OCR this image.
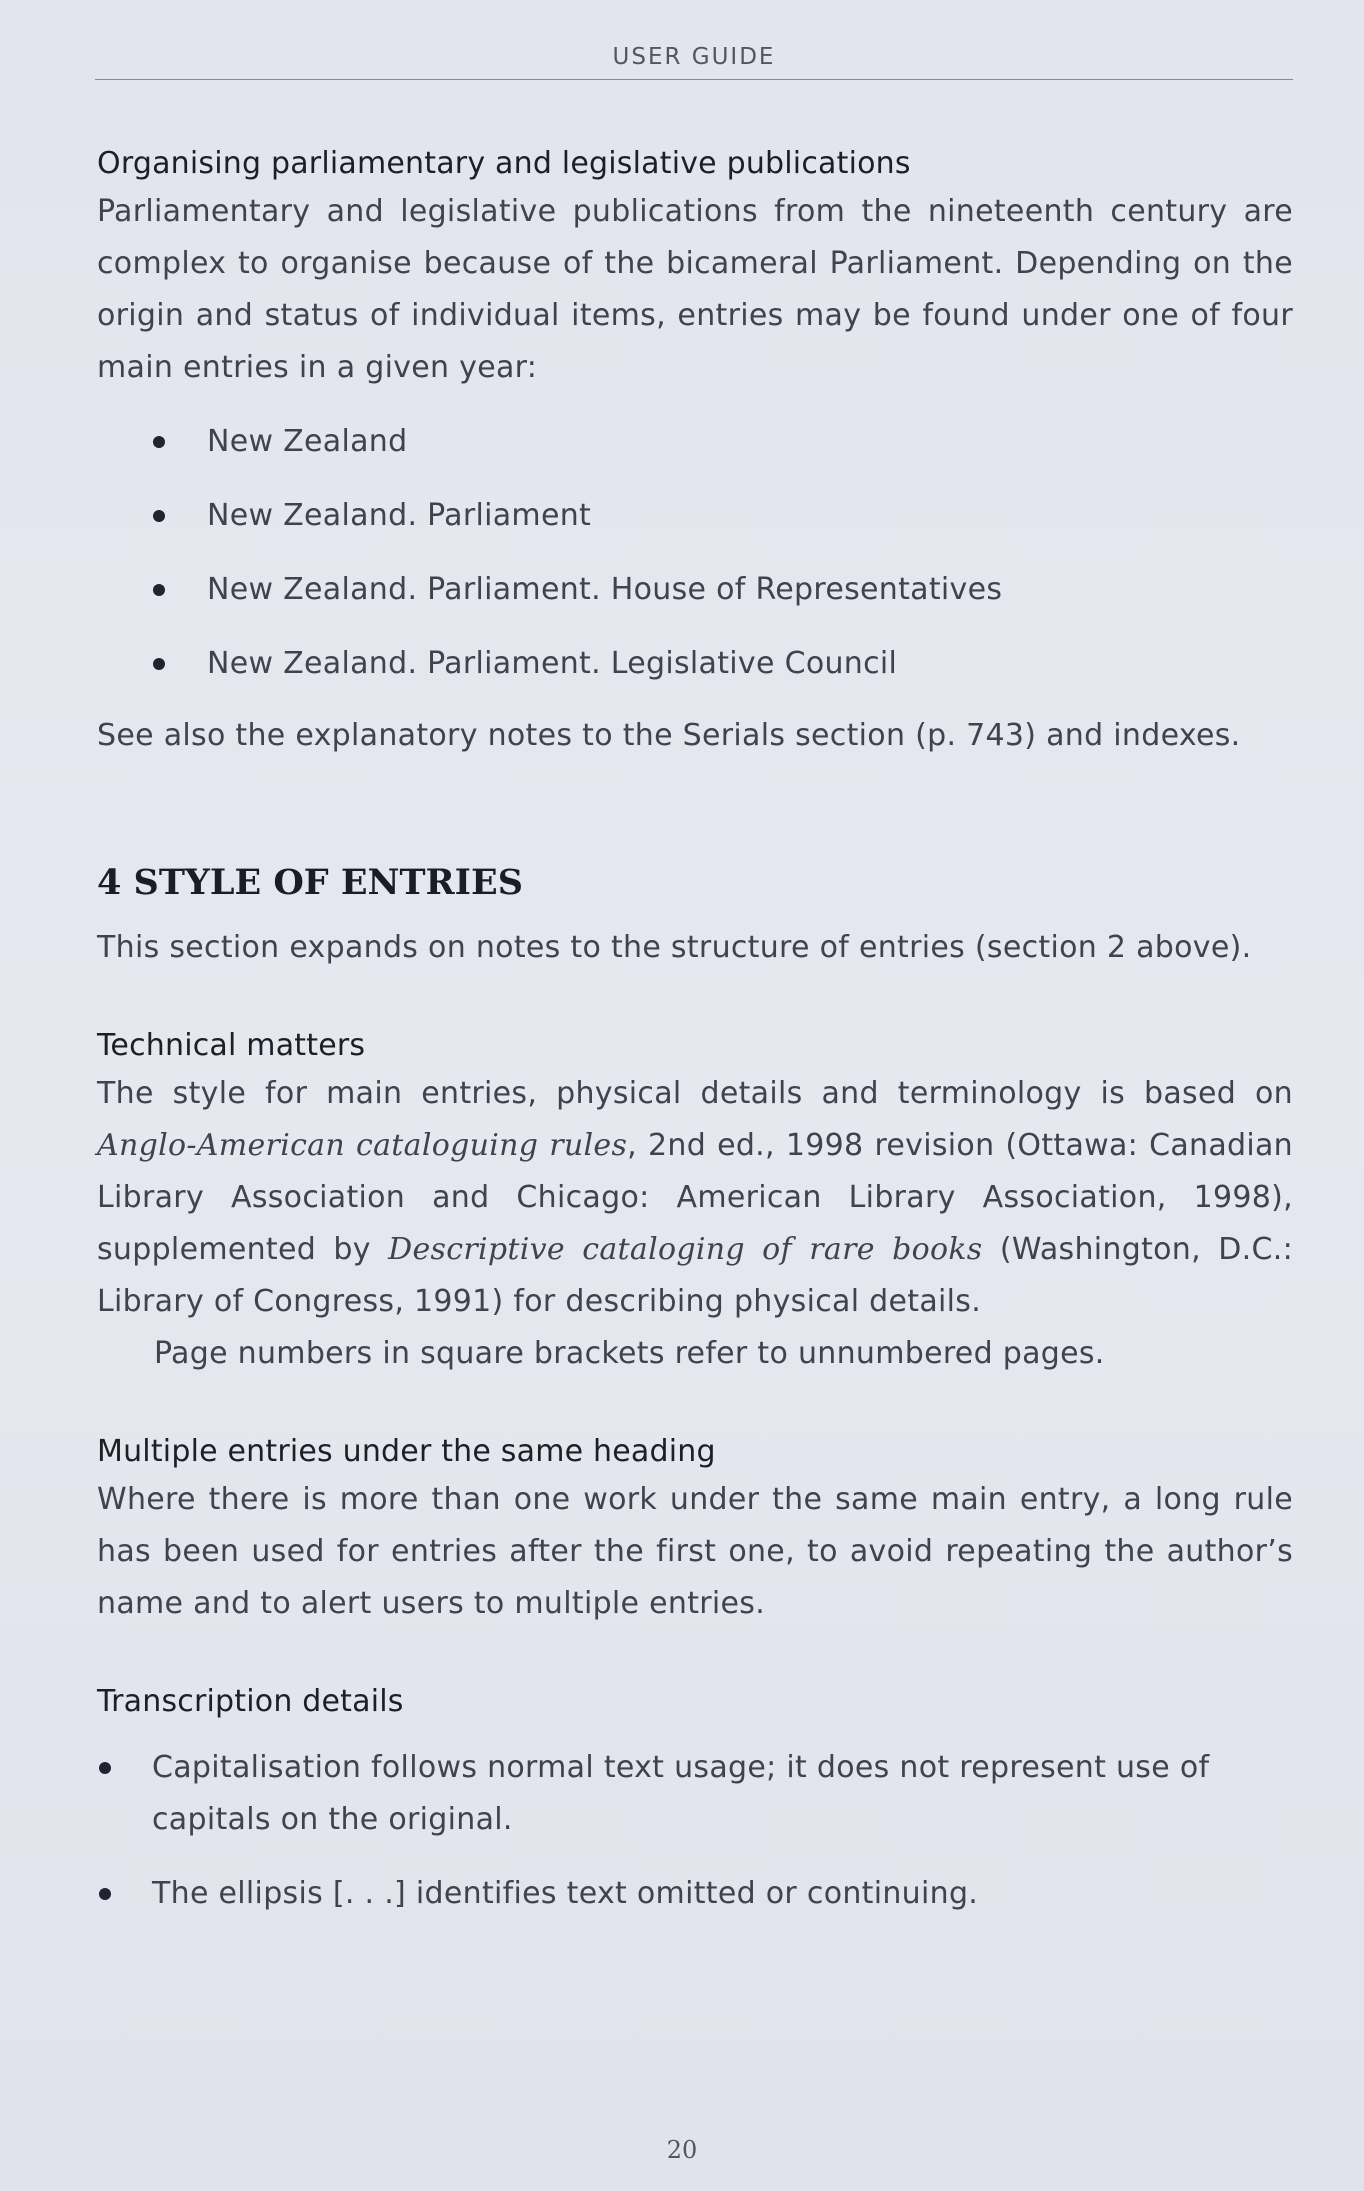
USER GUIDE
Organising parliamentary and legislative publications

Parliamentary and legislative publications from the nineteenth century are complex to organise because of the bicameral Parliament. Depending on the origin and status of individual items, entries may be found under one of four main entries in a given year:

New Zealand
New Zealand. Parliament
New Zealand. Parliament. House of Representatives
New Zealand. Parliament. Legislative Council

See also the explanatory notes to the Serials section (p. 743) and indexes.

4 STYLE OF ENTRIES

This section expands on notes to the structure of entries (section 2 above).

Technical matters

The style for main entries, physical details and terminology is based on Anglo-American cataloguing rules, 2nd ed., 1998 revision (Ottawa: Canadian Library Association and Chicago: American Library Association, 1998), supplemented by Descriptive cataloging of rare books (Washington, D.C.: Library of Congress, 1991) for describing physical details.

Page numbers in square brackets refer to unnumbered pages.

Multiple entries under the same heading

Where there is more than one work under the same main entry, a long rule has been used for entries after the first one, to avoid repeating the author’s name and to alert users to multiple entries.

Transcription details
Capitalisation follows normal text usage; it does not represent use of capitals on the original.
The ellipsis [. . .] identifies text omitted or continuing.
20
